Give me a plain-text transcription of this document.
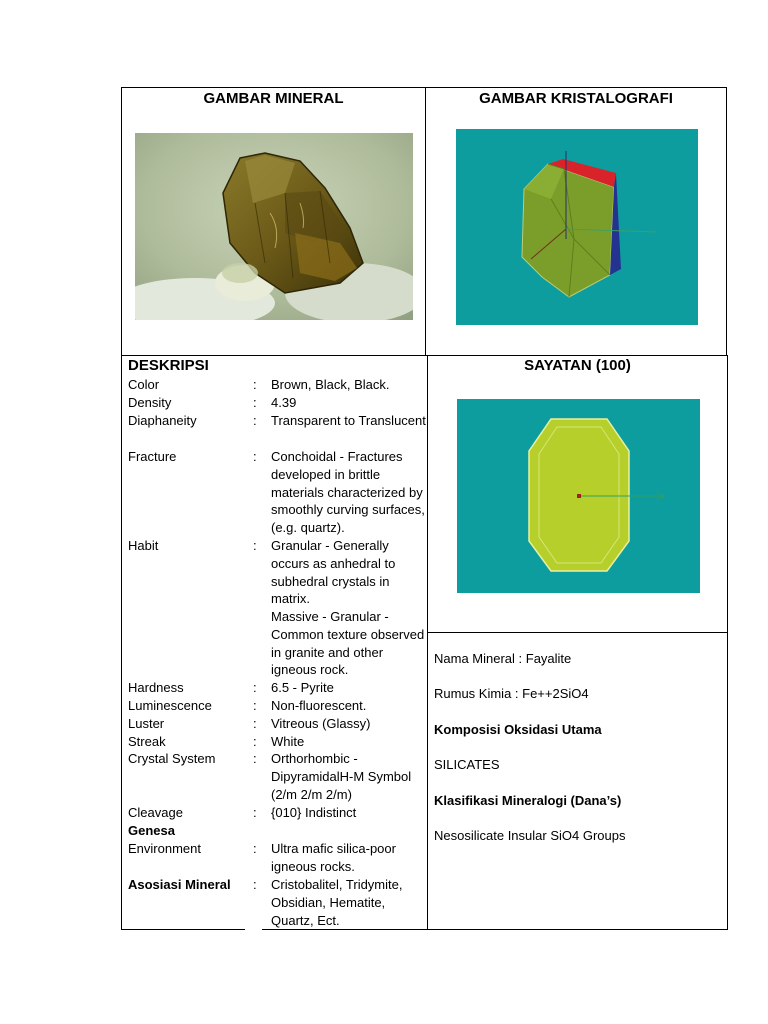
GAMBAR MINERAL	GAMBAR KRISTALOGRAFI
DESKRIPSI
Color	: Brown, Black, Black.
Density	: 4.39
Diaphaneity	: Transparent to Translucent
Fracture	: Conchoidal - Fractures developed in brittle materials characterized by smoothly curving surfaces, (e.g. quartz).
Habit	: Granular - Generally occurs as anhedral to subhedral crystals in matrix.
Massive - Granular - Common texture observed in granite and other igneous rock.
Hardness	: 6.5 - Pyrite
Luminescence	: Non-fluorescent.
Luster	: Vitreous (Glassy)
Streak	: White
Crystal System	: Orthorhombic - DipyramidalH-M Symbol (2/m 2/m 2/m)
Cleavage	: {010} Indistinct
Genesa
Environment	: Ultra mafic silica-poor igneous rocks.
Asosiasi Mineral	: Cristobalitel, Tridymite, Obsidian, Hematite, Quartz, Ect.
SAYATAN (100)
Nama Mineral : Fayalite
Rumus Kimia : Fe++2SiO4
Komposisi Oksidasi Utama
SILICATES
Klasifikasi Mineralogi (Dana’s)
Nesosilicate Insular SiO4 Groups
